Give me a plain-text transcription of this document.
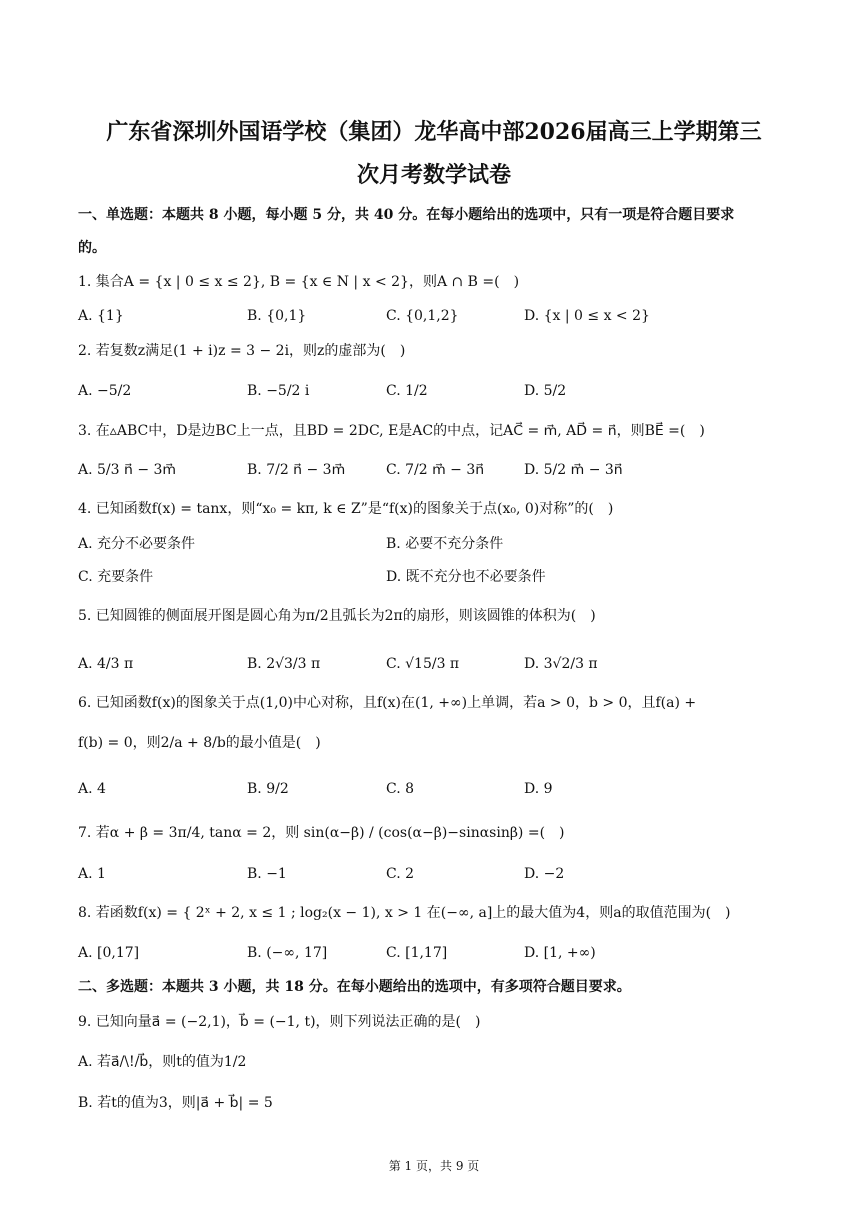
广东省深圳外国语学校（集团）龙华高中部2026届高三上学期第三
次月考数学试卷
一、单选题：本题共 8 小题，每小题 5 分，共 40 分。在每小题给出的选项中，只有一项是符合题目要求
的。
1. 集合A = {x | 0 ≤ x ≤ 2}, B = {x ∈ N | x < 2}，则A ∩ B =(　)
A. {1}	B. {0,1}	C. {0,1,2}	D. {x | 0 ≤ x < 2}
2. 若复数z满足(1 + i)z = 3 − 2i，则z的虚部为(　)
A. −5/2	B. −5/2 i	C. 1/2	D. 5/2
3. 在▵ABC中，D是边BC上一点，且BD = 2DC, E是AC的中点，记AC⃗ = m⃗, AD⃗ = n⃗，则BE⃗ =(　)
A. 5/3 n⃗ − 3m⃗	B. 7/2 n⃗ − 3m⃗	C. 7/2 m⃗ − 3n⃗	D. 5/2 m⃗ − 3n⃗
4. 已知函数f(x) = tanx，则“x₀ = kπ, k ∈ Z”是“f(x)的图象关于点(x₀, 0)对称”的(　)
A. 充分不必要条件	B. 必要不充分条件
C. 充要条件	D. 既不充分也不必要条件
5. 已知圆锥的侧面展开图是圆心角为π/2且弧长为2π的扇形，则该圆锥的体积为(　)
A. 4/3 π	B. 2√3/3 π	C. √15/3 π	D. 3√2/3 π
6. 已知函数f(x)的图象关于点(1,0)中心对称，且f(x)在(1, +∞)上单调，若a > 0，b > 0，且f(a) +
f(b) = 0，则2/a + 8/b的最小值是(　)
A. 4	B. 9/2	C. 8	D. 9
7. 若α + β = 3π/4, tanα = 2，则 sin(α−β) / (cos(α−β)−sinαsinβ) =(　)
A. 1	B. −1	C. 2	D. −2
8. 若函数f(x) = { 2ˣ + 2, x ≤ 1 ; log₂(x − 1), x > 1 在(−∞, a]上的最大值为4，则a的取值范围为(　)
A. [0,17]	B. (−∞, 17]	C. [1,17]	D. [1, +∞)
二、多选题：本题共 3 小题，共 18 分。在每小题给出的选项中，有多项符合题目要求。
9. 已知向量a⃗ = (−2,1)，b⃗ = (−1, t)，则下列说法正确的是(　)
A. 若a⃗/\!/b⃗，则t的值为1/2
B. 若t的值为3，则|a⃗ + b⃗| = 5
第 1 页，共 9 页
